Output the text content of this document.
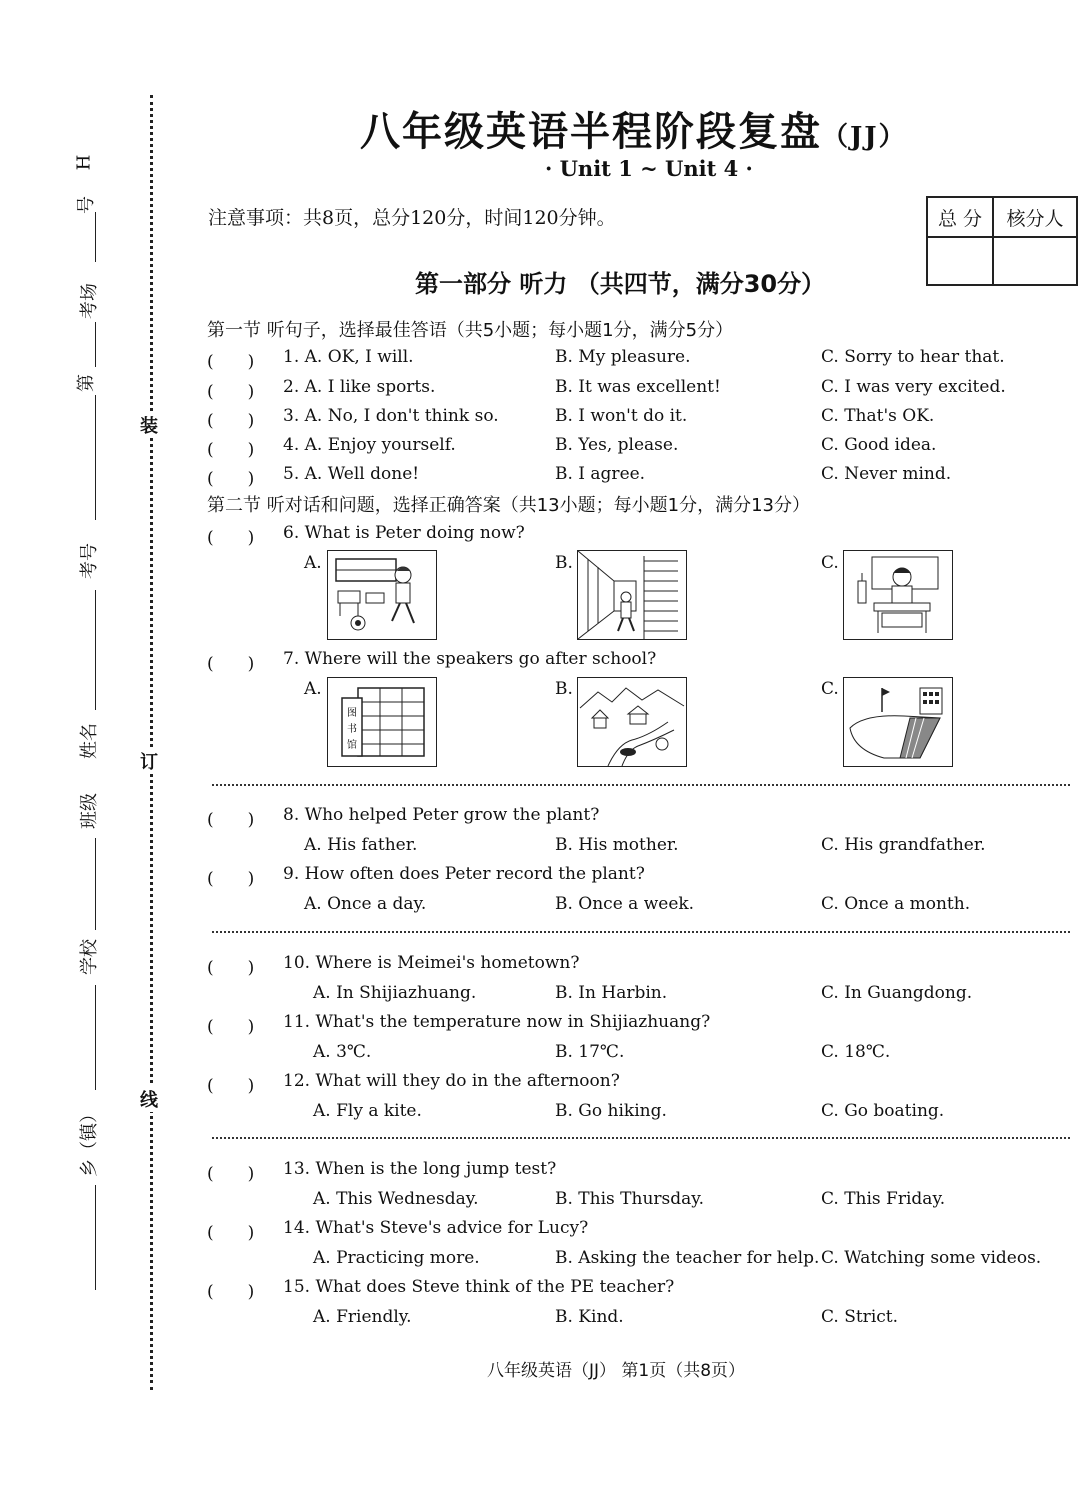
H
号
考场
第
考号
姓名
班级
学校
乡（镇）
装
订
线
八年级英语半程阶段复盘（JJ）
· Unit 1 ~ Unit 4 ·
注意事项：共8页，总分120分，时间120分钟。	总 分	核分人

第一部分 听力 （共四节，满分30分）
第一节 听句子，选择最佳答语（共5小题；每小题1分，满分5分）
(　　) 1. A. OK, I will.	B. My pleasure.	C. Sorry to hear that.
(　　) 2. A. I like sports.	B. It was excellent!	C. I was very excited.
(　　) 3. A. No, I don't think so.	B. I won't do it.	C. That's OK.
(　　) 4. A. Enjoy yourself.	B. Yes, please.	C. Good idea.
(　　) 5. A. Well done!	B. I agree.	C. Never mind.
第二节 听对话和问题，选择正确答案（共13小题；每小题1分，满分13分）
(　　) 6. What is Peter doing now?
A.	B.	C.
(　　) 7. Where will the speakers go after school?
A.
图
书
馆
B.	C.
(　　) 8. Who helped Peter grow the plant?
A. His father.	B. His mother.	C. His grandfather.
(　　) 9. How often does Peter record the plant?
A. Once a day.	B. Once a week.	C. Once a month.
(　　) 10. Where is Meimei's hometown?
A. In Shijiazhuang.	B. In Harbin.	C. In Guangdong.
(　　) 11. What's the temperature now in Shijiazhuang?
A. 3℃.	B. 17℃.	C. 18℃.
(　　) 12. What will they do in the afternoon?
A. Fly a kite.	B. Go hiking.	C. Go boating.
(　　) 13. When is the long jump test?
A. This Wednesday.	B. This Thursday.	C. This Friday.
(　　) 14. What's Steve's advice for Lucy?
A. Practicing more.	B. Asking the teacher for help. C. Watching some videos.
(　　) 15. What does Steve think of the PE teacher?
A. Friendly.	B. Kind.	C. Strict.
八年级英语（JJ） 第1页（共8页）
